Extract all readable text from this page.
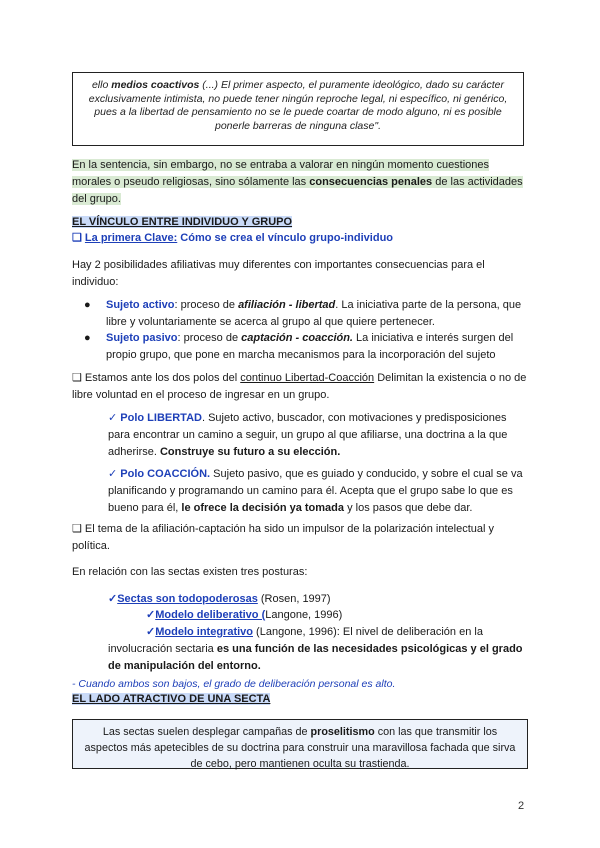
ello medios coactivos (...) El primer aspecto, el puramente ideológico, dado su carácter exclusivamente intimista, no puede tener ningún reproche legal, ni específico, ni genérico, pues a la libertad de pensamiento no se le puede coartar de modo alguno, ni es posible ponerle barreras de ninguna clase".
En la sentencia, sin embargo, no se entraba a valorar en ningún momento cuestiones morales o pseudo religiosas, sino sólamente las consecuencias penales de las actividades del grupo.
EL VÍNCULO ENTRE INDIVIDUO Y GRUPO
❑ La primera Clave: Cómo se crea el vínculo grupo-individuo
Hay 2 posibilidades afiliativas muy diferentes con importantes consecuencias para el individuo:
●	Sujeto activo: proceso de afiliación - libertad. La iniciativa parte de la persona, que libre y voluntariamente se acerca al grupo al que quiere pertenecer.
●	Sujeto pasivo: proceso de captación - coacción. La iniciativa e interés surgen del propio grupo, que pone en marcha mecanismos para la incorporación del sujeto
❑ Estamos ante los dos polos del continuo Libertad-Coacción Delimitan la existencia o no de libre voluntad en el proceso de ingresar en un grupo.
✓ Polo LIBERTAD. Sujeto activo, buscador, con motivaciones y predisposiciones para encontrar un camino a seguir, un grupo al que afiliarse, una doctrina a la que adherirse. Construye su futuro a su elección.
✓ Polo COACCIÓN. Sujeto pasivo, que es guiado y conducido, y sobre el cual se va planificando y programando un camino para él. Acepta que el grupo sabe lo que es bueno para él, le ofrece la decisión ya tomada y los pasos que debe dar.
❑ El tema de la afiliación-captación ha sido un impulsor de la polarización intelectual y política.
En relación con las sectas existen tres posturas:
✓Sectas son todopoderosas (Rosen, 1997)
✓Modelo deliberativo (Langone, 1996)
✓Modelo integrativo (Langone, 1996): El nivel de deliberación en la involucración sectaria es una función de las necesidades psicológicas y el grado de manipulación del entorno.
- Cuando ambos son bajos, el grado de deliberación personal es alto.
EL LADO ATRACTIVO DE UNA SECTA
Las sectas suelen desplegar campañas de proselitismo con las que transmitir los aspectos más apetecibles de su doctrina para construir una maravillosa fachada que sirva de cebo, pero mantienen oculta su trastienda.
2
